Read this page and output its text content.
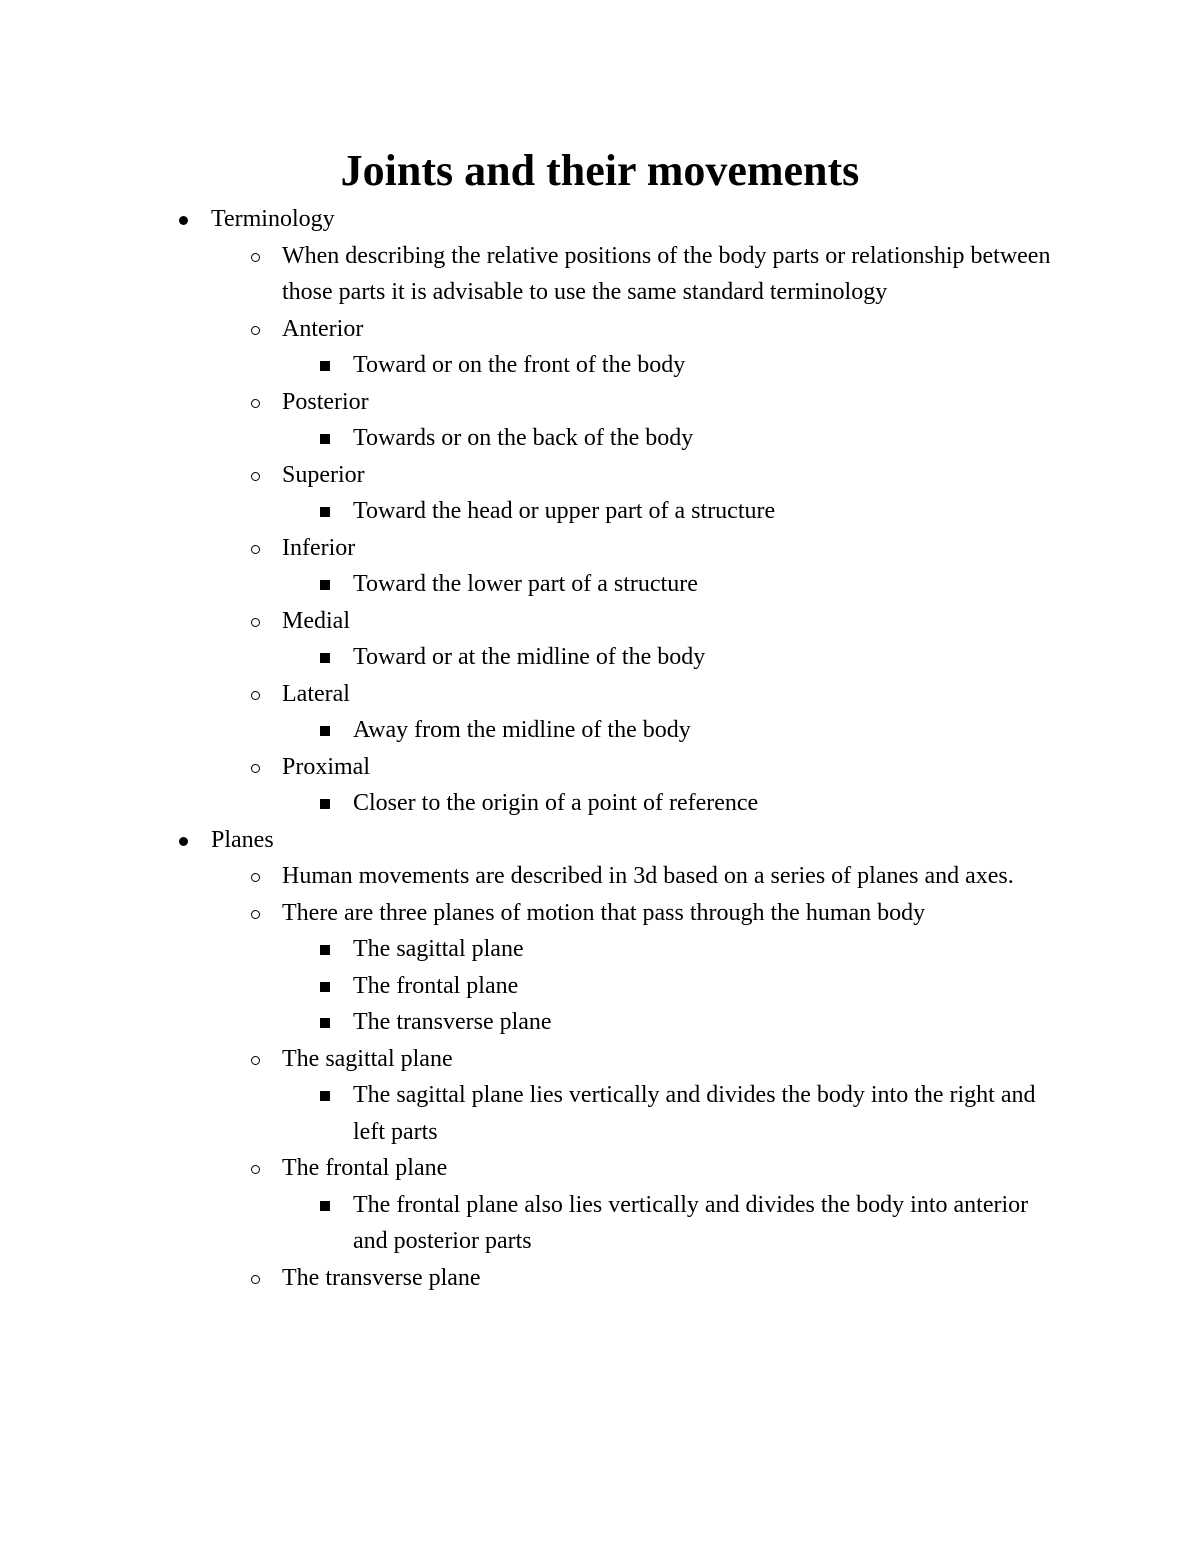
Joints and their movements
Terminology
When describing the relative positions of the body parts or relationship between those parts it is advisable to use the same standard terminology
Anterior
Toward or on the front of the body
Posterior
Towards or on the back of the body
Superior
Toward the head or upper part of a structure
Inferior
Toward the lower part of a structure
Medial
Toward or at the midline of the body
Lateral
Away from the midline of the body
Proximal
Closer to the origin of a point of reference
Planes
Human movements are described in 3d based on a series of planes and axes.
There are three planes of motion that pass through the human body
The sagittal plane
The frontal plane
The transverse plane
The sagittal plane
The sagittal plane lies vertically and divides the body into the right and left parts
The frontal plane
The frontal plane also lies vertically and divides the body into anterior and posterior parts
The transverse plane
